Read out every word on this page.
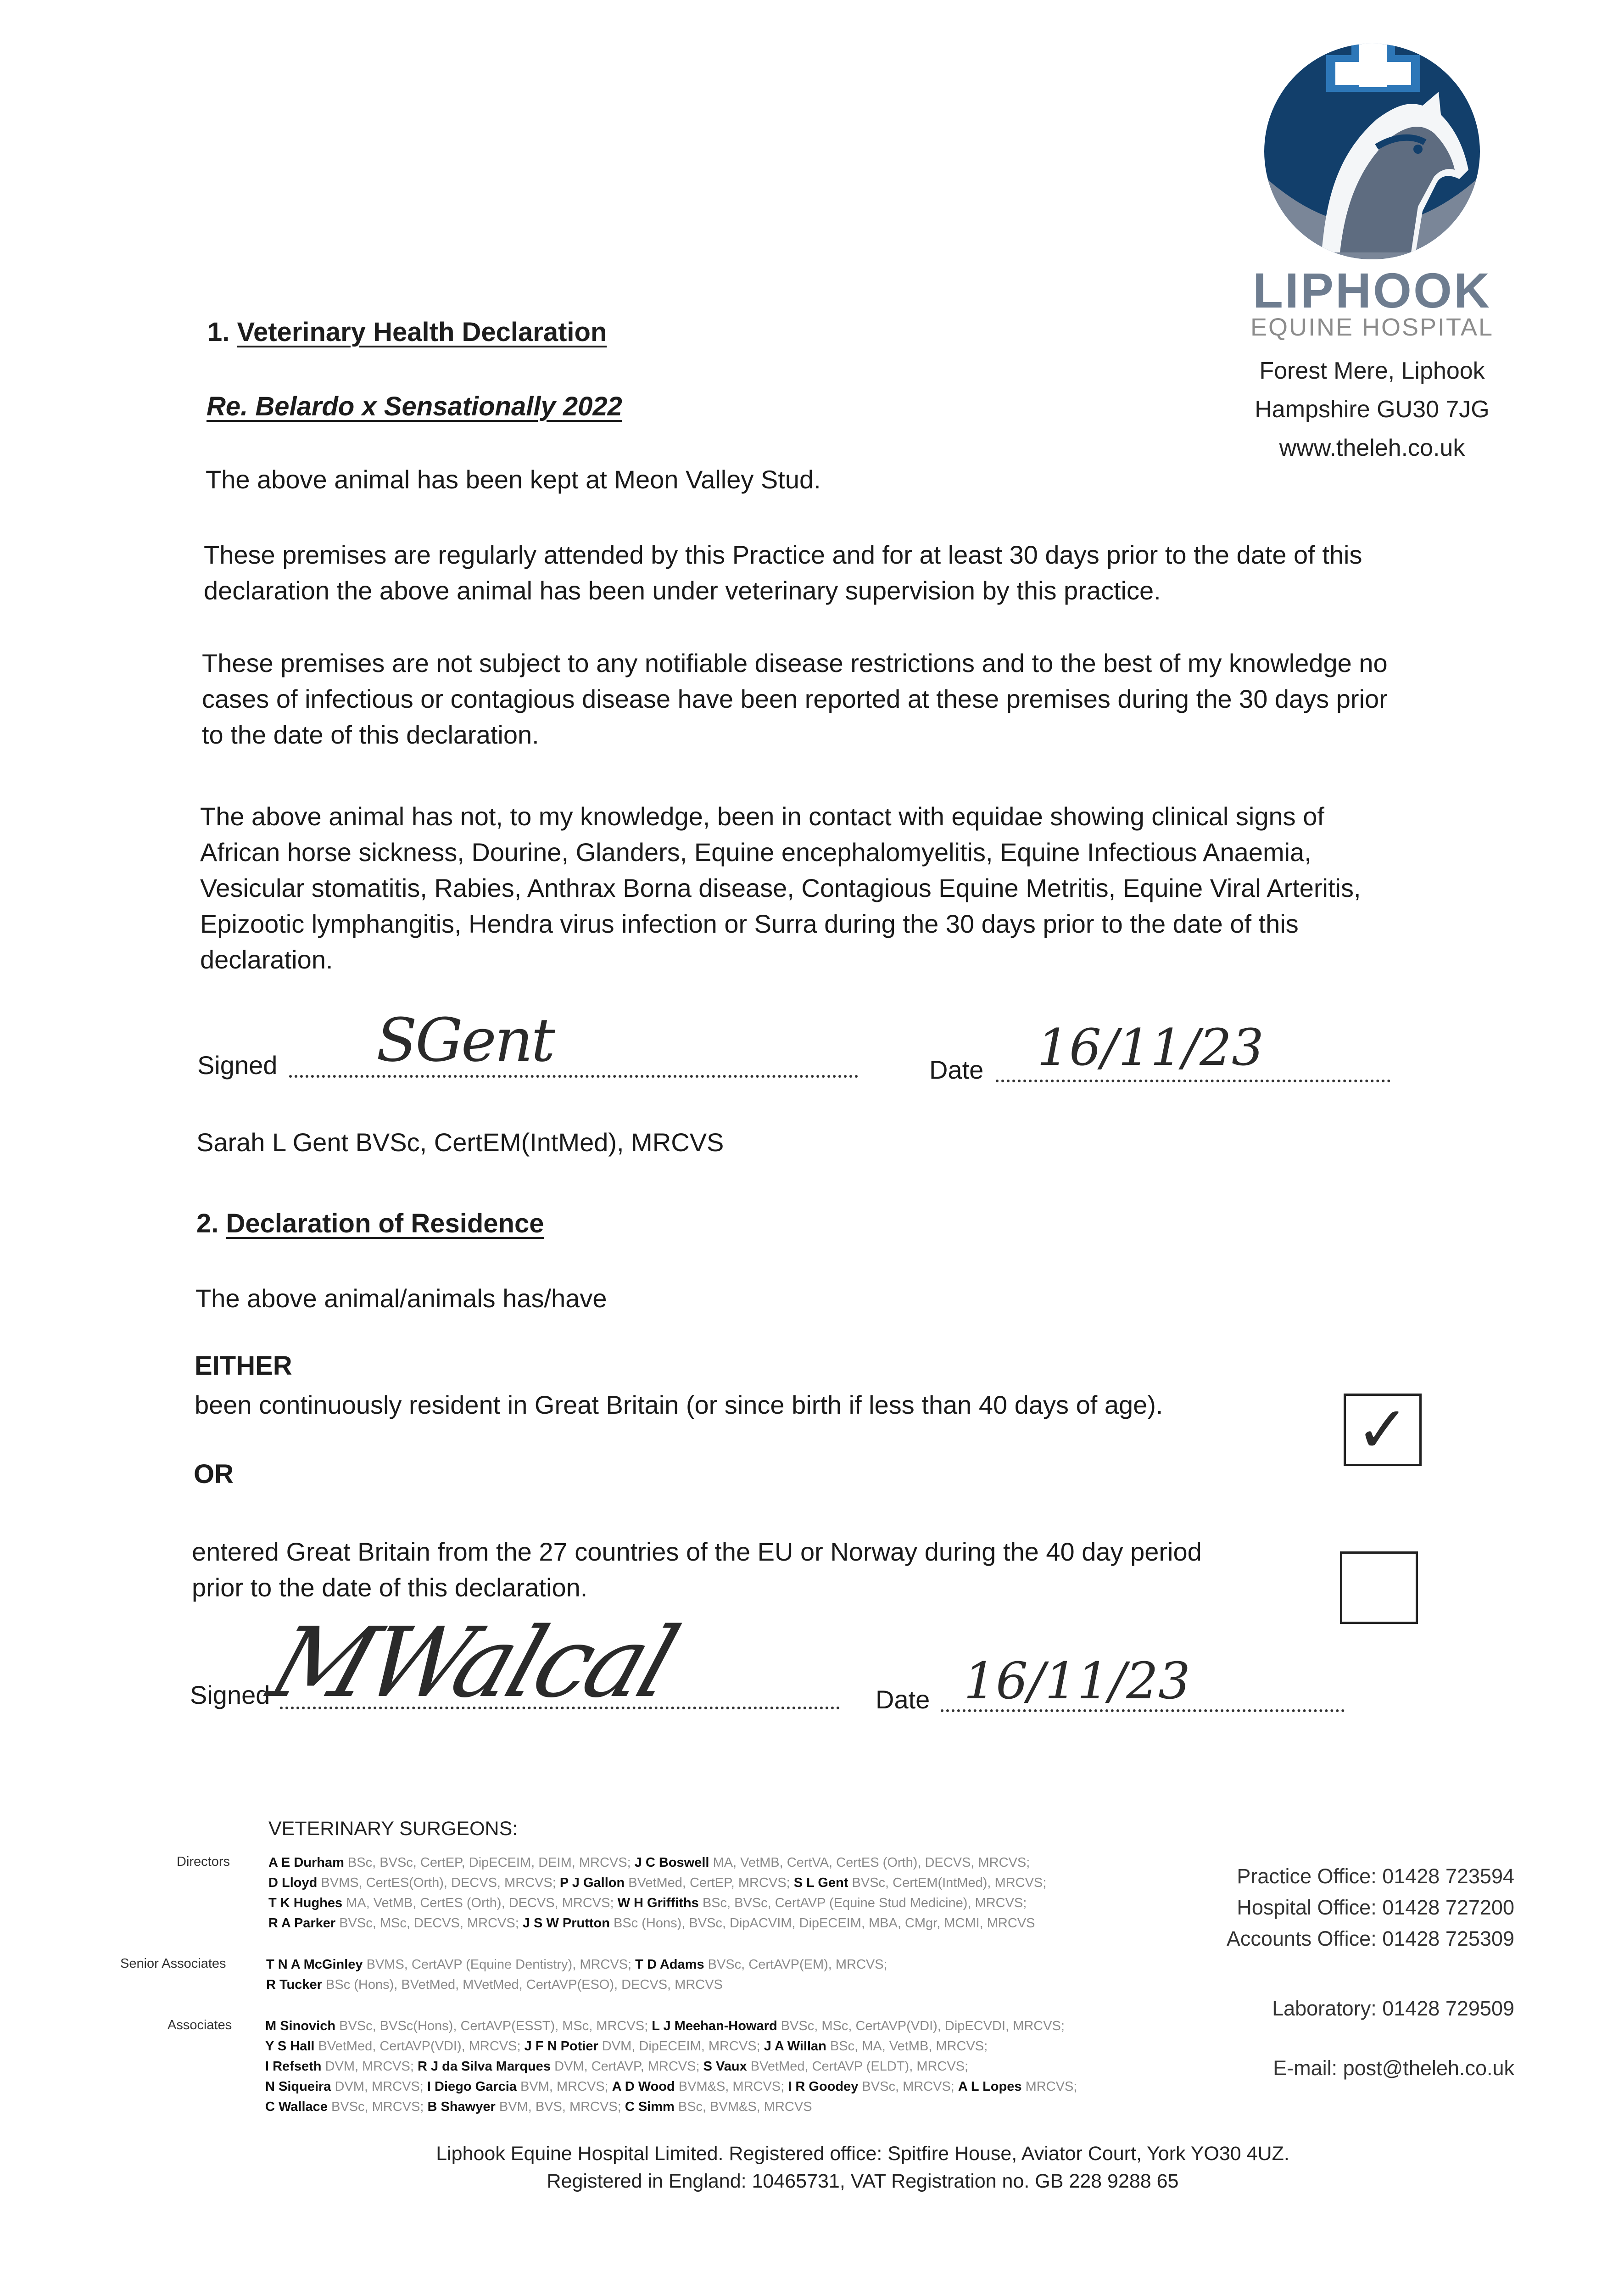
LIPHOOK
EQUINE HOSPITAL
Forest Mere, Liphook
Hampshire GU30 7JG
www.theleh.co.uk
1. Veterinary Health Declaration
Re. Belardo x Sensationally 2022
The above animal has been kept at Meon Valley Stud.
These premises are regularly attended by this Practice and for at least 30 days prior to the date of this
declaration the above animal has been under veterinary supervision by this practice.
These premises are not subject to any notifiable disease restrictions and to the best of my knowledge no
cases of infectious or contagious disease have been reported at these premises during the 30 days prior
to the date of this declaration.
The above animal has not, to my knowledge, been in contact with equidae showing clinical signs of
African horse sickness, Dourine, Glanders, Equine encephalomyelitis, Equine Infectious Anaemia,
Vesicular stomatitis, Rabies, Anthrax Borna disease, Contagious Equine Metritis, Equine Viral Arteritis,
Epizootic lymphangitis, Hendra virus infection or Surra during the 30 days prior to the date of this
declaration.
Signed SGent	Date 16/11/23
Sarah L Gent BVSc, CertEM(IntMed), MRCVS
2. Declaration of Residence
The above animal/animals has/have
EITHER
been continuously resident in Great Britain (or since birth if less than 40 days of age).	✓
OR
entered Great Britain from the 27 countries of the EU or Norway during the 40 day period
prior to the date of this declaration.
Signed
MWalcal	Date 16/11/23
VETERINARY SURGEONS:
Directors	A E Durham BSc, BVSc, CertEP, DipECEIM, DEIM, MRCVS; J C Boswell MA, VetMB, CertVA, CertES (Orth), DECVS, MRCVS;
D Lloyd BVMS, CertES(Orth), DECVS, MRCVS; P J Gallon BVetMed, CertEP, MRCVS; S L Gent BVSc, CertEM(IntMed), MRCVS;
T K Hughes MA, VetMB, CertES (Orth), DECVS, MRCVS; W H Griffiths BSc, BVSc, CertAVP (Equine Stud Medicine), MRCVS;
R A Parker BVSc, MSc, DECVS, MRCVS; J S W Prutton BSc (Hons), BVSc, DipACVIM, DipECEIM, MBA, CMgr, MCMI, MRCVS
Senior Associates	T N A McGinley BVMS, CertAVP (Equine Dentistry), MRCVS; T D Adams BVSc, CertAVP(EM), MRCVS;
R Tucker BSc (Hons), BVetMed, MVetMed, CertAVP(ESO), DECVS, MRCVS
Associates	M Sinovich BVSc, BVSc(Hons), CertAVP(ESST), MSc, MRCVS; L J Meehan-Howard BVSc, MSc, CertAVP(VDI), DipECVDI, MRCVS;
Y S Hall BVetMed, CertAVP(VDI), MRCVS; J F N Potier DVM, DipECEIM, MRCVS; J A Willan BSc, MA, VetMB, MRCVS;
I Refseth DVM, MRCVS; R J da Silva Marques DVM, CertAVP, MRCVS; S Vaux BVetMed, CertAVP (ELDT), MRCVS;
N Siqueira DVM, MRCVS; I Diego Garcia BVM, MRCVS; A D Wood BVM&S, MRCVS; I R Goodey BVSc, MRCVS; A L Lopes MRCVS;
C Wallace BVSc, MRCVS; B Shawyer BVM, BVS, MRCVS; C Simm BSc, BVM&S, MRCVS
Practice Office: 01428 723594
Hospital Office: 01428 727200
Accounts Office: 01428 725309
Laboratory: 01428 729509
E-mail: post@theleh.co.uk
Liphook Equine Hospital Limited. Registered office: Spitfire House, Aviator Court, York YO30 4UZ.
Registered in England: 10465731, VAT Registration no. GB 228 9288 65
